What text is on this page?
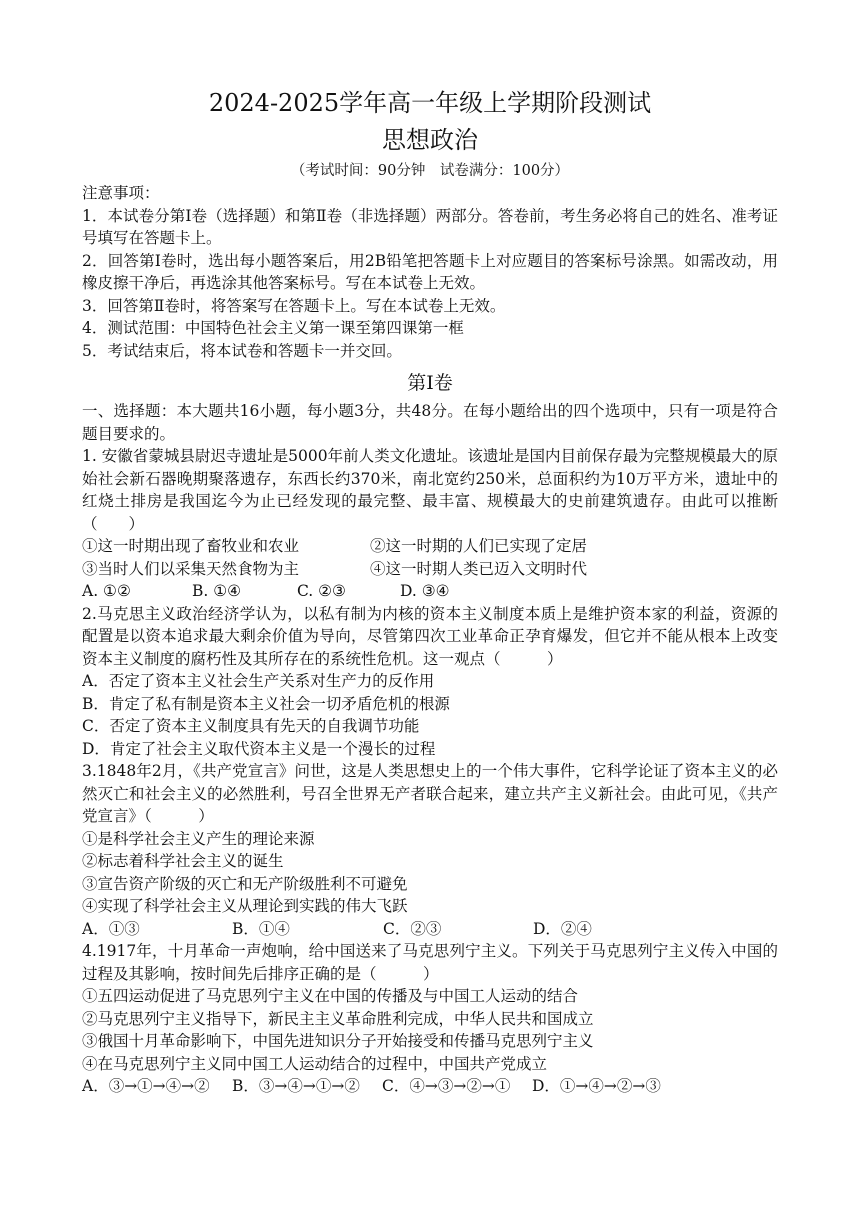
2024-2025学年高一年级上学期阶段测试
思想政治
（考试时间：90分钟　试卷满分：100分）
注意事项：
1．本试卷分第Ⅰ卷（选择题）和第Ⅱ卷（非选择题）两部分。答卷前，考生务必将自己的姓名、准考证号填写在答题卡上。
2．回答第Ⅰ卷时，选出每小题答案后，用2B铅笔把答题卡上对应题目的答案标号涂黑。如需改动，用橡皮擦干净后，再选涂其他答案标号。写在本试卷上无效。
3．回答第Ⅱ卷时，将答案写在答题卡上。写在本试卷上无效。
4．测试范围：中国特色社会主义第一课至第四课第一框
5．考试结束后，将本试卷和答题卡一并交回。
第Ⅰ卷
一、选择题：本大题共16小题，每小题3分，共48分。在每小题给出的四个选项中，只有一项是符合题目要求的。
1. 安徽省蒙城县尉迟寺遗址是5000年前人类文化遗址。该遗址是国内目前保存最为完整规模最大的原始社会新石器晚期聚落遗存，东西长约370米，南北宽约250米，总面积约为10万平方米，遗址中的红烧土排房是我国迄今为止已经发现的最完整、最丰富、规模最大的史前建筑遗存。由此可以推断（　　）
①这一时期出现了畜牧业和农业	②这一时期的人们已实现了定居
③当时人们以采集天然食物为主	④这一时期人类已迈入文明时代
A. ①②	B. ①④	C. ②③	D. ③④
2.马克思主义政治经济学认为，以私有制为内核的资本主义制度本质上是维护资本家的利益，资源的配置是以资本追求最大剩余价值为导向，尽管第四次工业革命正孕育爆发，但它并不能从根本上改变资本主义制度的腐朽性及其所存在的系统性危机。这一观点（　　　）
A．否定了资本主义社会生产关系对生产力的反作用
B．肯定了私有制是资本主义社会一切矛盾危机的根源
C．否定了资本主义制度具有先天的自我调节功能
D．肯定了社会主义取代资本主义是一个漫长的过程
3.1848年2月，《共产党宣言》问世，这是人类思想史上的一个伟大事件，它科学论证了资本主义的必然灭亡和社会主义的必然胜利，号召全世界无产者联合起来，建立共产主义新社会。由此可见，《共产党宣言》（　　　）
①是科学社会主义产生的理论来源
②标志着科学社会主义的诞生
③宣告资产阶级的灭亡和无产阶级胜利不可避免
④实现了科学社会主义从理论到实践的伟大飞跃
A．①③	B．①④	C．②③	D．②④
4.1917年，十月革命一声炮响，给中国送来了马克思列宁主义。下列关于马克思列宁主义传入中国的过程及其影响，按时间先后排序正确的是（　　　）
①五四运动促进了马克思列宁主义在中国的传播及与中国工人运动的结合
②马克思列宁主义指导下，新民主主义革命胜利完成，中华人民共和国成立
③俄国十月革命影响下，中国先进知识分子开始接受和传播马克思列宁主义
④在马克思列宁主义同中国工人运动结合的过程中，中国共产党成立
A．③→①→④→②	B．③→④→①→②	C．④→③→②→①	D．①→④→②→③
